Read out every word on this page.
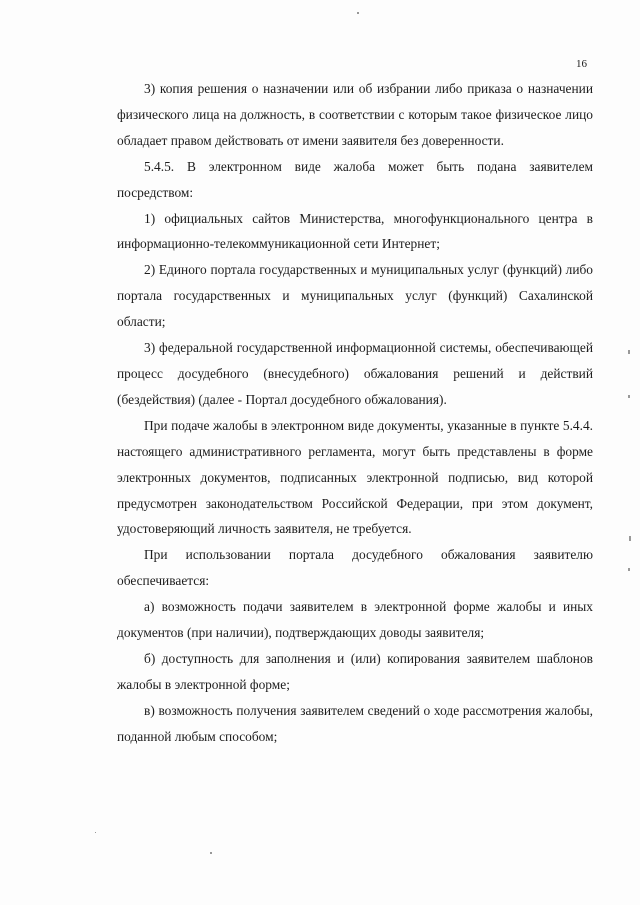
16

3) копия решения о назначении или об избрании либо приказа о назначении физического лица на должность, в соответствии с которым такое физическое лицо обладает правом действовать от имени заявителя без доверенности.

5.4.5. В электронном виде жалоба может быть подана заявителем посредством:

1) официальных сайтов Министерства, многофункционального центра в информационно-телекоммуникационной сети Интернет;

2) Единого портала государственных и муниципальных услуг (функций) либо портала государственных и муниципальных услуг (функций) Сахалинской области;

3) федеральной государственной информационной системы, обеспечивающей процесс досудебного (внесудебного) обжалования решений и действий (бездействия) (далее - Портал досудебного обжалования).

При подаче жалобы в электронном виде документы, указанные в пункте 5.4.4. настоящего административного регламента, могут быть представлены в форме электронных документов, подписанных электронной подписью, вид которой предусмотрен законодательством Российской Федерации, при этом документ, удостоверяющий личность заявителя, не требуется.

При использовании портала досудебного обжалования заявителю обеспечивается:

а) возможность подачи заявителем в электронной форме жалобы и иных документов (при наличии), подтверждающих доводы заявителя;

б) доступность для заполнения и (или) копирования заявителем шаблонов жалобы в электронной форме;

в) возможность получения заявителем сведений о ходе рассмотрения жалобы, поданной любым способом;
